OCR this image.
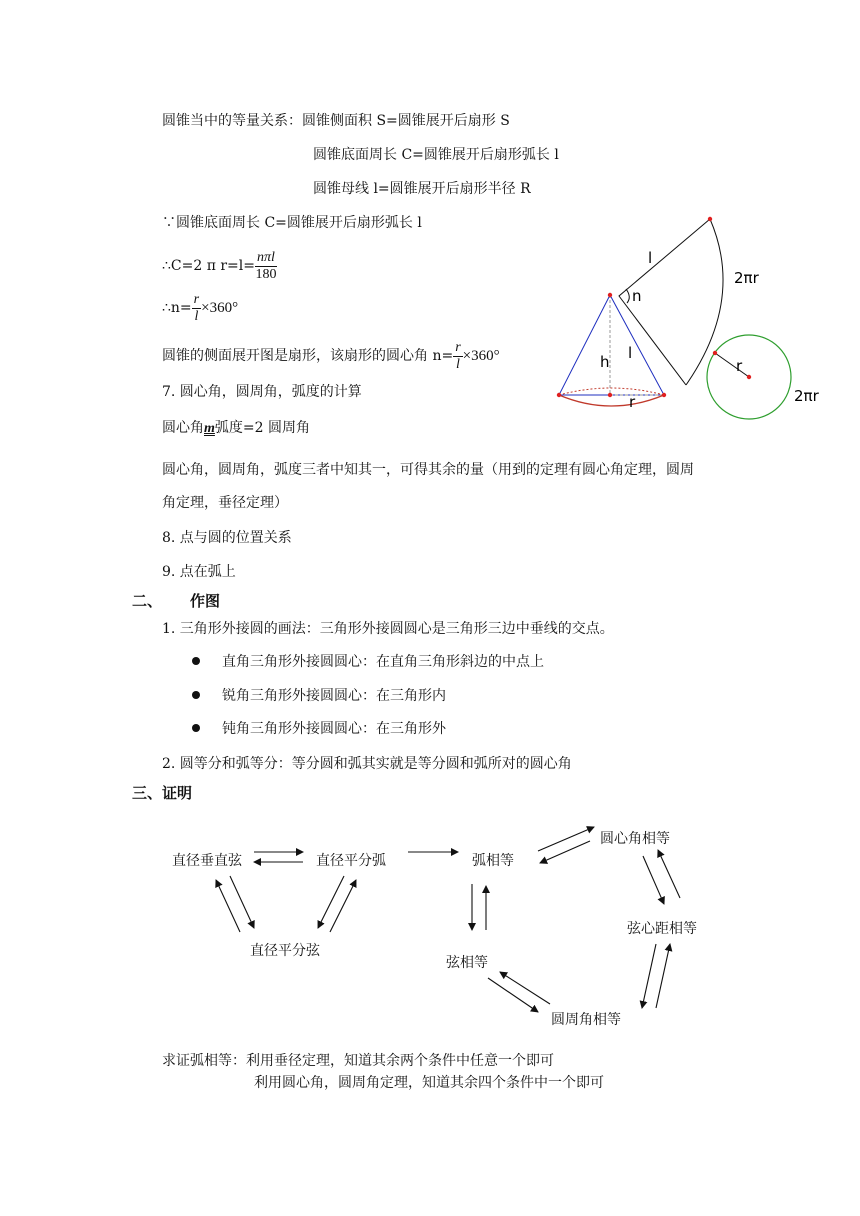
圆锥当中的等量关系：圆锥侧面积 S=圆锥展开后扇形 S
圆锥底面周长 C=圆锥展开后扇形弧长 l
圆锥母线 l=圆锥展开后扇形半径 R
∵圆锥底面周长 C=圆锥展开后扇形弧长 l
∴C=2 π $r=l= \frac{\text{nπl}}{180}$
∴n= $\frac{r}{l} \times 360^\circ$
圆锥的侧面展开图是扇形，该扇形的圆心角 $n= \frac{r}{l} \times 360^\circ$
7. 圆心角，圆周角，弧度的计算
圆心角m弧度=2 圆周角
圆心角，圆周角，弧度三者中知其一，可得其余的量（用到的定理有圆心角定理，圆周
角定理，垂径定理）
8. 点与圆的位置关系
9. 点在弧上
二、 作图
1. 三角形外接圆的画法：三角形外接圆圆心是三角形三边中垂线的交点。
直角三角形外接圆圆心：在直角三角形斜边的中点上
锐角三角形外接圆圆心：在三角形内
钝角三角形外接圆圆心：在三角形外
2. 圆等分和弧等分：等分圆和弧其实就是等分圆和弧所对的圆心角
三、证明
l
2πr
n
h l
r
r
2πr
直径垂直弦	直径平分弧
直径平分弦
弧相等
圆心角相等
弦心距相等
弦相等
圆周角相等
求证弧相等：利用垂径定理，知道其余两个条件中任意一个即可
利用圆心角，圆周角定理，知道其余四个条件中一个即可
